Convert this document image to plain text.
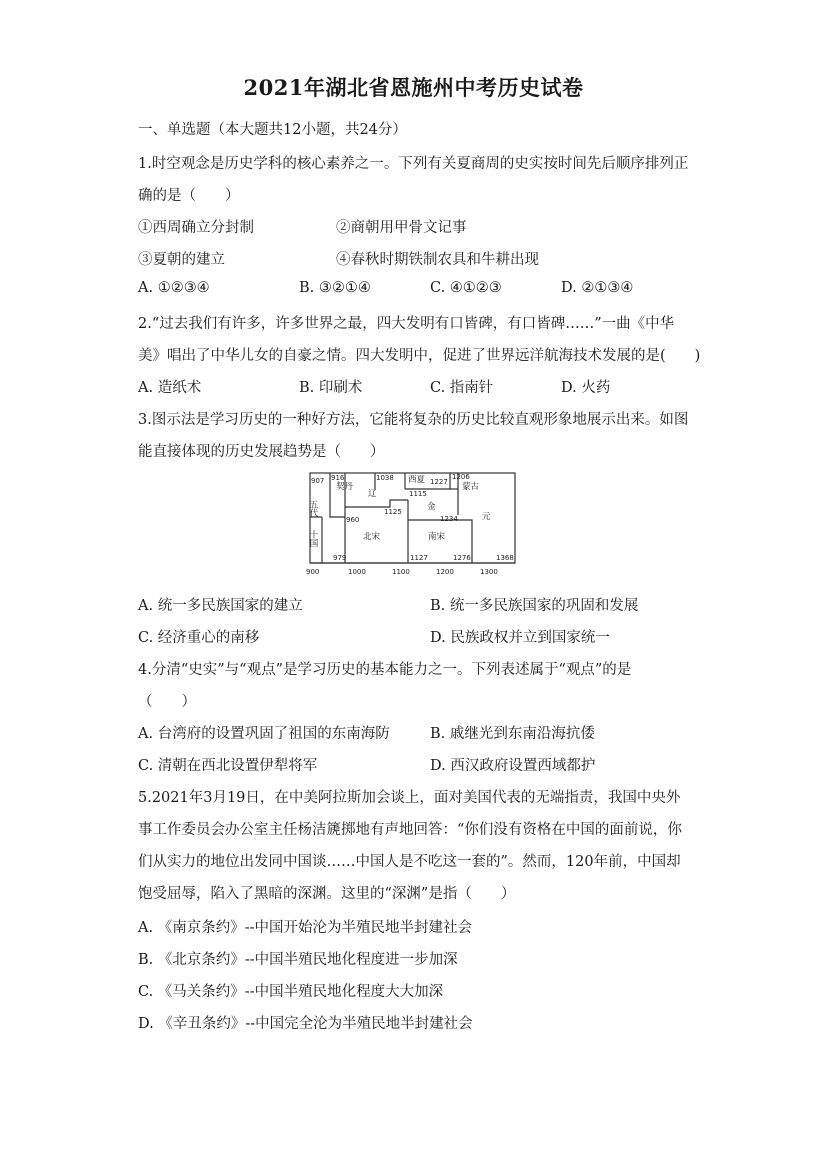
2021年湖北省恩施州中考历史试卷
一、单选题（本大题共12小题，共24分）
1.时空观念是历史学科的核心素养之一。下列有关夏商周的史实按时间先后顺序排列正
确的是（　　）
①西周确立分封制	②商朝用甲骨文记事
③夏朝的建立	④春秋时期铁制农具和牛耕出现
A. ①②③④	B. ③②①④	C. ④①②③	D. ②①③④
2.“过去我们有许多，许多世界之最，四大发明有口皆碑，有口皆碑……”一曲《中华
美》唱出了中华儿女的自豪之情。四大发明中，促进了世界远洋航海技术发展的是(　　)
A. 造纸术	B. 印刷术	C. 指南针	D. 火药
3.图示法是学习历史的一种好方法，它能将复杂的历史比较直观形象地展示出来。如图
能直接体现的历史发展趋势是（　　）
900	1000	1100	1200	1300
907 916	1038	1227
1206
1115
1125
960	1234
979	1127	1276	1368
契丹
辽
西夏
蒙古
金
元
北宋	南宋
五代
十国
A. 统一多民族国家的建立	B. 统一多民族国家的巩固和发展
C. 经济重心的南移	D. 民族政权并立到国家统一
4.分清“史实”与“观点”是学习历史的基本能力之一。下列表述属于“观点”的是
（　　）
A. 台湾府的设置巩固了祖国的东南海防	B. 戚继光到东南沿海抗倭
C. 清朝在西北设置伊犁将军	D. 西汉政府设置西域都护
5.2021年3月19日，在中美阿拉斯加会谈上，面对美国代表的无端指责，我国中央外
事工作委员会办公室主任杨洁篪掷地有声地回答：“你们没有资格在中国的面前说，你
们从实力的地位出发同中国谈……中国人是不吃这一套的”。然而，120年前，中国却
饱受屈辱，陷入了黑暗的深渊。这里的“深渊”是指（　　）
A. 《南京条约》--中国开始沦为半殖民地半封建社会
B. 《北京条约》--中国半殖民地化程度进一步加深
C. 《马关条约》--中国半殖民地化程度大大加深
D. 《辛丑条约》--中国完全沦为半殖民地半封建社会
